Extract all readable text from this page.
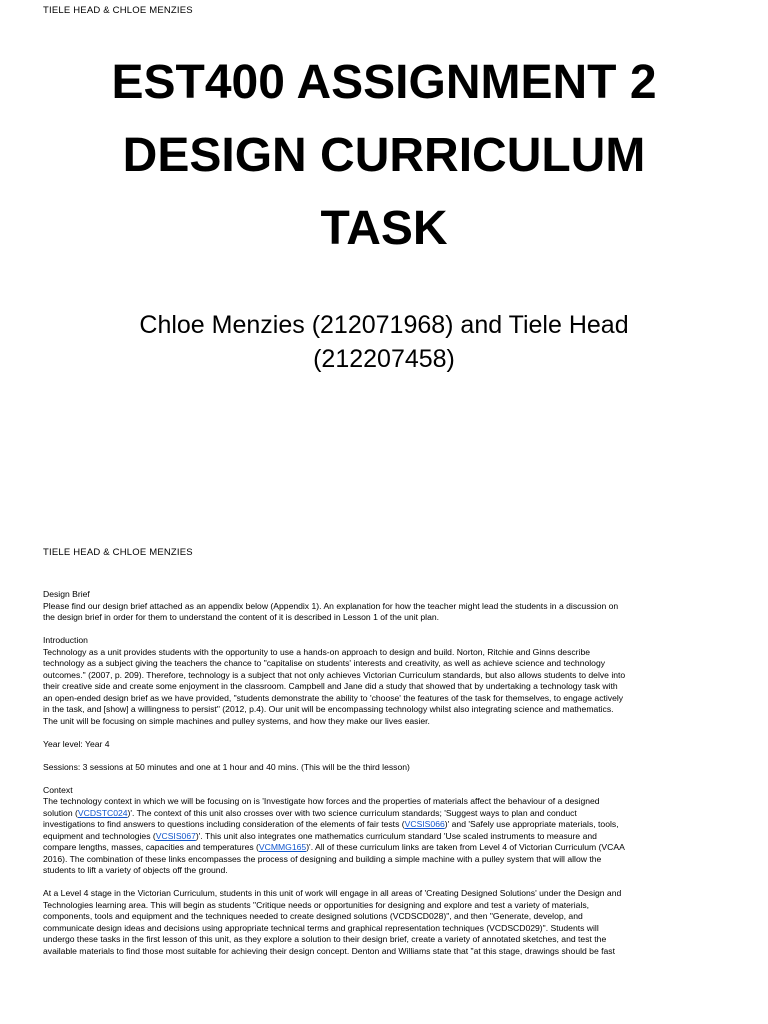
TIELE HEAD & CHLOE MENZIES
EST400 ASSIGNMENT 2
DESIGN CURRICULUM
TASK
Chloe Menzies (212071968) and Tiele Head
(212207458)
TIELE HEAD & CHLOE MENZIES

Design Brief
Please find our design brief attached as an appendix below (Appendix 1). An explanation for how the teacher might lead the students in a discussion on
the design brief in order for them to understand the content of it is described in Lesson 1 of the unit plan.

Introduction
Technology as a unit provides students with the opportunity to use a hands-on approach to design and build. Norton, Ritchie and Ginns describe
technology as a subject giving the teachers the chance to "capitalise on students' interests and creativity, as well as achieve science and technology
outcomes." (2007, p. 209). Therefore, technology is a subject that not only achieves Victorian Curriculum standards, but also allows students to delve into
their creative side and create some enjoyment in the classroom. Campbell and Jane did a study that showed that by undertaking a technology task with
an open-ended design brief as we have provided, "students demonstrate the ability to 'choose' the features of the task for themselves, to engage actively
in the task, and [show] a willingness to persist" (2012, p.4). Our unit will be encompassing technology whilst also integrating science and mathematics.
The unit will be focusing on simple machines and pulley systems, and how they make our lives easier.

Year level: Year 4

Sessions: 3 sessions at 50 minutes and one at 1 hour and 40 mins. (This will be the third lesson)

Context
The technology context in which we will be focusing on is 'Investigate how forces and the properties of materials affect the behaviour of a designed
solution (VCDSTC024)'. The context of this unit also crosses over with two science curriculum standards; 'Suggest ways to plan and conduct
investigations to find answers to questions including consideration of the elements of fair tests (VCSIS066)' and 'Safely use appropriate materials, tools,
equipment and technologies (VCSIS067)'. This unit also integrates one mathematics curriculum standard 'Use scaled instruments to measure and
compare lengths, masses, capacities and temperatures (VCMMG165)'. All of these curriculum links are taken from Level 4 of Victorian Curriculum (VCAA
2016). The combination of these links encompasses the process of designing and building a simple machine with a pulley system that will allow the
students to lift a variety of objects off the ground.

At a Level 4 stage in the Victorian Curriculum, students in this unit of work will engage in all areas of 'Creating Designed Solutions' under the Design and
Technologies learning area. This will begin as students "Critique needs or opportunities for designing and explore and test a variety of materials,
components, tools and equipment and the techniques needed to create designed solutions (VCDSCD028)", and then "Generate, develop, and
communicate design ideas and decisions using appropriate technical terms and graphical representation techniques (VCDSCD029)". Students will
undergo these tasks in the first lesson of this unit, as they explore a solution to their design brief, create a variety of annotated sketches, and test the
available materials to find those most suitable for achieving their design concept. Denton and Williams state that "at this stage, drawings should be fast
